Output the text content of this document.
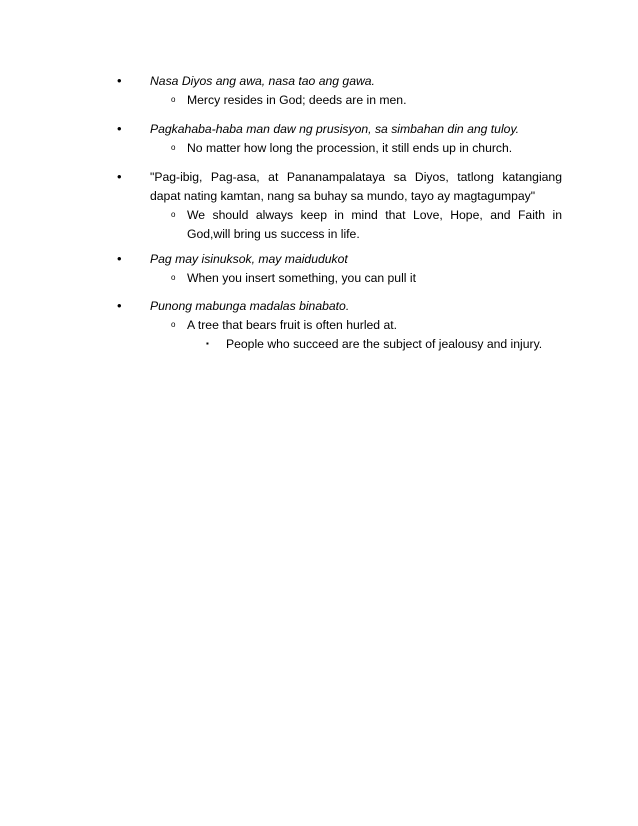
• Nasa Diyos ang awa, nasa tao ang gawa.
o Mercy resides in God; deeds are in men.
• Pagkahaba-haba man daw ng prusisyon, sa simbahan din ang tuloy.
o No matter how long the procession, it still ends up in church.
• "Pag-ibig, Pag-asa, at Pananampalataya sa Diyos, tatlong katangiang
dapat nating kamtan, nang sa buhay sa mundo, tayo ay magtagumpay"
o We should always keep in mind that Love, Hope, and Faith in
God,will bring us success in life.
• Pag may isinuksok, may maidudukot
o When you insert something, you can pull it
• Punong mabunga madalas binabato.
o A tree that bears fruit is often hurled at.
▪ People who succeed are the subject of jealousy and injury.
